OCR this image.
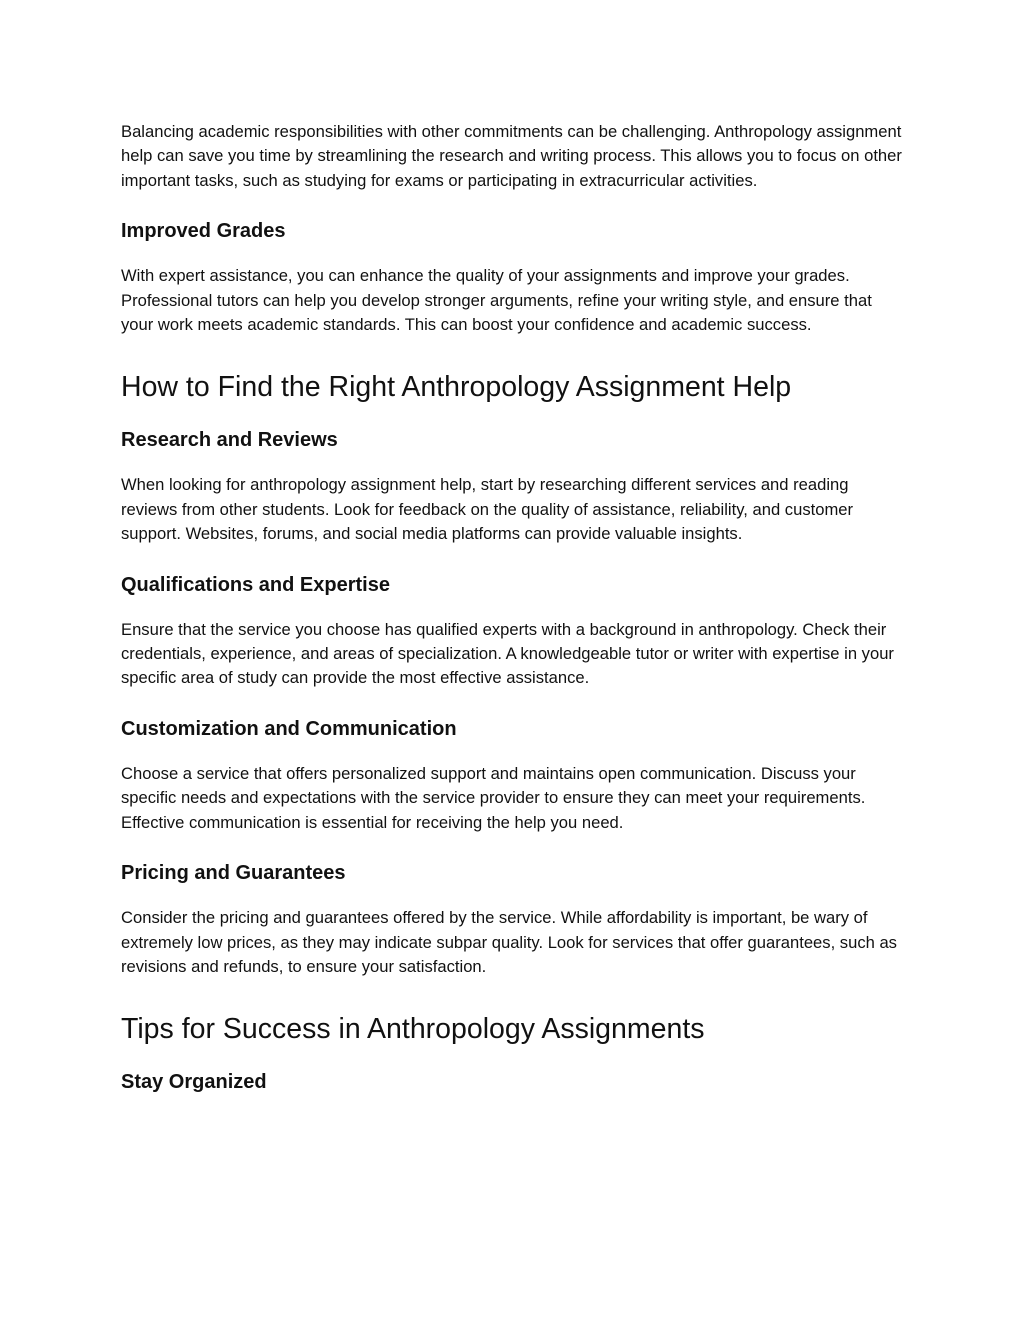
Balancing academic responsibilities with other commitments can be challenging. Anthropology assignment help can save you time by streamlining the research and writing process. This allows you to focus on other important tasks, such as studying for exams or participating in extracurricular activities.

Improved Grades

With expert assistance, you can enhance the quality of your assignments and improve your grades. Professional tutors can help you develop stronger arguments, refine your writing style, and ensure that your work meets academic standards. This can boost your confidence and academic success.

How to Find the Right Anthropology Assignment Help
Research and Reviews

When looking for anthropology assignment help, start by researching different services and reading reviews from other students. Look for feedback on the quality of assistance, reliability, and customer support. Websites, forums, and social media platforms can provide valuable insights.

Qualifications and Expertise

Ensure that the service you choose has qualified experts with a background in anthropology. Check their credentials, experience, and areas of specialization. A knowledgeable tutor or writer with expertise in your specific area of study can provide the most effective assistance.

Customization and Communication

Choose a service that offers personalized support and maintains open communication. Discuss your specific needs and expectations with the service provider to ensure they can meet your requirements. Effective communication is essential for receiving the help you need.

Pricing and Guarantees

Consider the pricing and guarantees offered by the service. While affordability is important, be wary of extremely low prices, as they may indicate subpar quality. Look for services that offer guarantees, such as revisions and refunds, to ensure your satisfaction.

Tips for Success in Anthropology Assignments
Stay Organized
